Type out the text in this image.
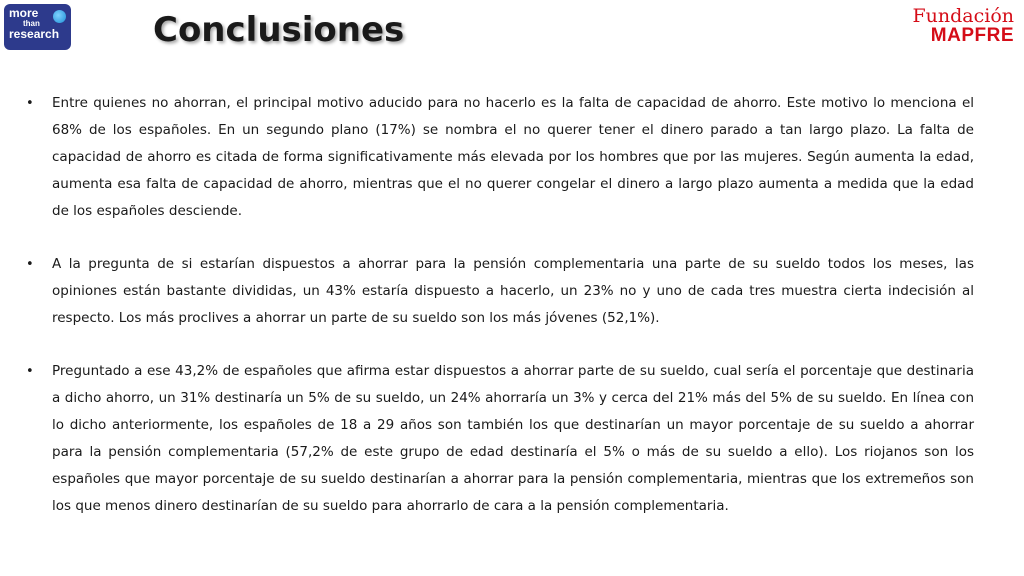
more
than
research	Conclusiones	Fundación
MAPFRE
• Entre quienes no ahorran, el principal motivo aducido para no hacerlo es la falta de capacidad de ahorro. Este motivo lo menciona el 68% de los españoles. En un segundo plano (17%) se nombra el no querer tener el dinero parado a tan largo plazo. La falta de capacidad de ahorro es citada de forma significativamente más elevada por los hombres que por las mujeres. Según aumenta la edad, aumenta esa falta de capacidad de ahorro, mientras que el no querer congelar el dinero a largo plazo aumenta a medida que la edad de los españoles desciende.
• A la pregunta de si estarían dispuestos a ahorrar para la pensión complementaria una parte de su sueldo todos los meses, las opiniones están bastante divididas, un 43% estaría dispuesto a hacerlo, un 23% no y uno de cada tres muestra cierta indecisión al respecto. Los más proclives a ahorrar un parte de su sueldo son los más jóvenes (52,1%).
• Preguntado a ese 43,2% de españoles que afirma estar dispuestos a ahorrar parte de su sueldo, cual sería el porcentaje que destinaria a dicho ahorro, un 31% destinaría un 5% de su sueldo, un 24% ahorraría un 3% y cerca del 21% más del 5% de su sueldo. En línea con lo dicho anteriormente, los españoles de 18 a 29 años son también los que destinarían un mayor porcentaje de su sueldo a ahorrar para la pensión complementaria (57,2% de este grupo de edad destinaría el 5% o más de su sueldo a ello). Los riojanos son los españoles que mayor porcentaje de su sueldo destinarían a ahorrar para la pensión complementaria, mientras que los extremeños son los que menos dinero destinarían de su sueldo para ahorrarlo de cara a la pensión complementaria.
